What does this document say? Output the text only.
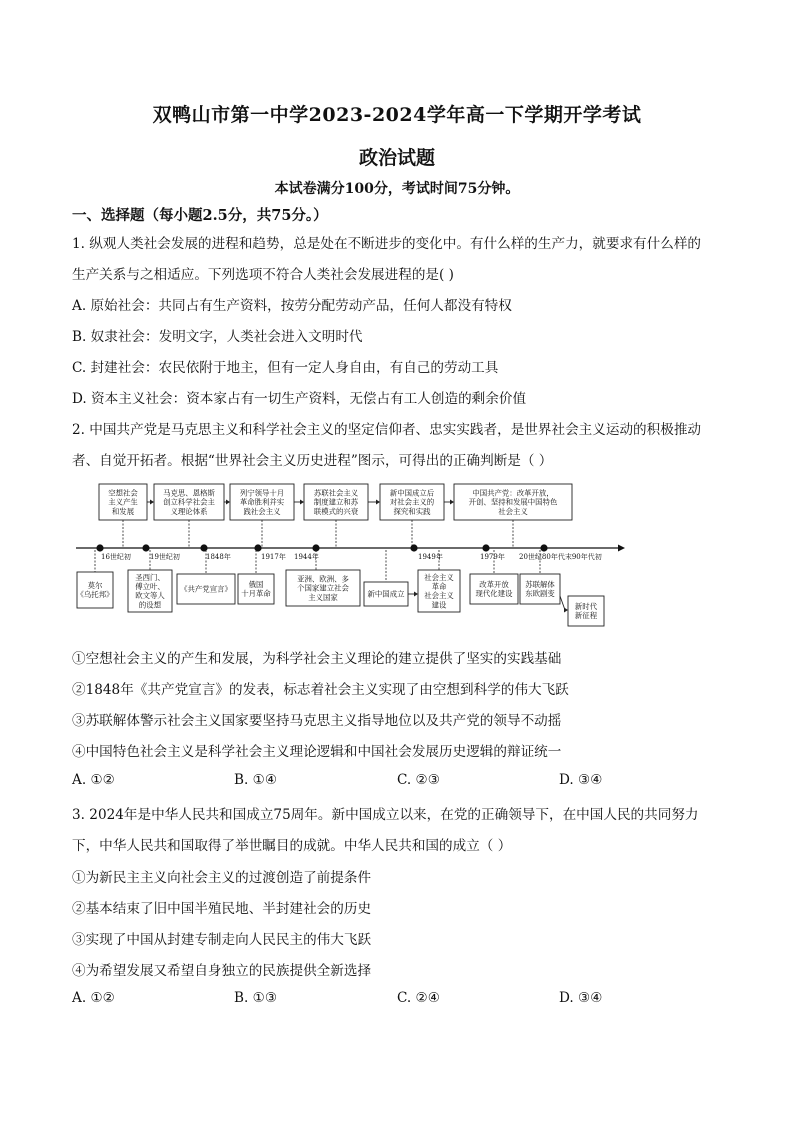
双鸭山市第一中学2023-2024学年高一下学期开学考试
政治试题
本试卷满分100分，考试时间75分钟。
一、选择题（每小题2.5分，共75分。）
1. 纵观人类社会发展的进程和趋势，总是处在不断进步的变化中。有什么样的生产力，就要求有什么样的
生产关系与之相适应。下列选项不符合人类社会发展进程的是( )
A. 原始社会：共同占有生产资料，按劳分配劳动产品，任何人都没有特权
B. 奴隶社会：发明文字，人类社会进入文明时代
C. 封建社会：农民依附于地主，但有一定人身自由，有自己的劳动工具
D. 资本主义社会：资本家占有一切生产资料，无偿占有工人创造的剩余价值
2. 中国共产党是马克思主义和科学社会主义的坚定信仰者、忠实实践者，是世界社会主义运动的积极推动
者、自觉开拓者。根据“世界社会主义历史进程”图示，可得出的正确判断是（ ）
空想社会
主义产生
和发展
马克思、恩格斯
创立科学社会主
义理论体系
列宁领导十月
革命胜利并实
践社会主义
苏联社会主义
制度建立和苏
联模式的兴衰
新中国成立后
对社会主义的
探究和实践
中国共产党：改革开放，
开创、坚持和发展中国特色
社会主义
16世纪初	19世纪初	1848年	1917年 1944年	1949年	1979年 20世纪80年代末90年代初
莫尔
《乌托邦》
圣西门、
傅立叶、
欧文等人
的设想
《共产党宣言》
俄国
十月革命
亚洲、欧洲、多
个国家建立社会
主义国家	新中国成立
社会主义
革命
社会主义
建设
改革开放
现代化建设
苏联解体
东欧剧变
新时代
新征程
①空想社会主义的产生和发展，为科学社会主义理论的建立提供了坚实的实践基础
②1848年《共产党宣言》的发表，标志着社会主义实现了由空想到科学的伟大飞跃
③苏联解体警示社会主义国家要坚持马克思主义指导地位以及共产党的领导不动摇
④中国特色社会主义是科学社会主义理论逻辑和中国社会发展历史逻辑的辩证统一
A. ①②	B. ①④	C. ②③	D. ③④
3. 2024年是中华人民共和国成立75周年。新中国成立以来，在党的正确领导下，在中国人民的共同努力
下，中华人民共和国取得了举世瞩目的成就。中华人民共和国的成立（ ）
①为新民主主义向社会主义的过渡创造了前提条件
②基本结束了旧中国半殖民地、半封建社会的历史
③实现了中国从封建专制走向人民民主的伟大飞跃
④为希望发展又希望自身独立的民族提供全新选择
A. ①②	B. ①③	C. ②④	D. ③④
